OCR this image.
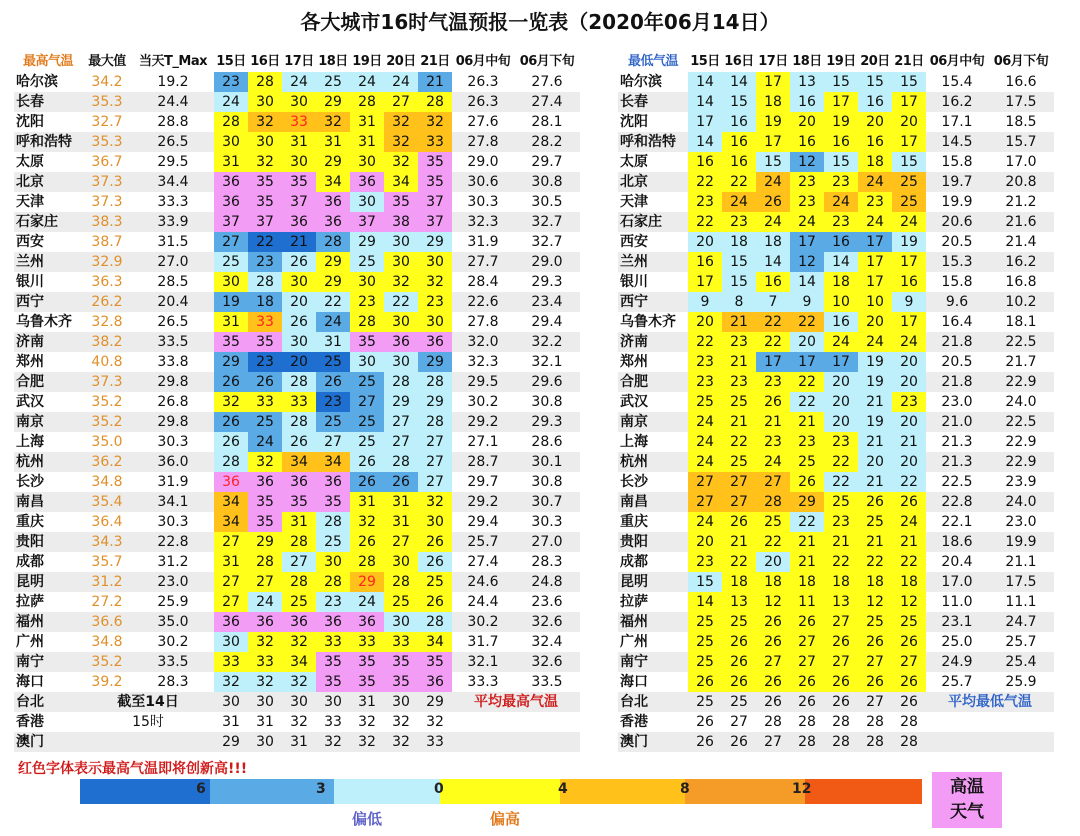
各大城市16时气温预报一览表（2020年06月14日）
最高气温	最大值	当天T_Max	15日	16日	17日	18日	19日	20日	21日	06月中旬	06月下旬
哈尔滨	34.2	19.2	23	28	24	25	24	24	21	26.3	27.6
长春	35.3	24.4	24	30	30	29	28	27	28	26.3	27.4
沈阳	32.7	28.8	28	32	33	32	31	32	32	27.6	28.1
呼和浩特	35.3	26.5	30	30	31	31	31	32	33	27.8	28.2
太原	36.7	29.5	31	32	30	29	30	32	35	29.0	29.7
北京	37.3	34.4	36	35	35	34	36	34	35	30.6	30.8
天津	37.3	33.3	36	35	37	36	30	35	37	30.3	30.5
石家庄	38.3	33.9	37	37	36	36	37	38	37	32.3	32.7
西安	38.7	31.5	27	22	21	28	29	30	29	31.9	32.7
兰州	32.9	27.0	25	23	26	29	25	30	30	27.7	29.0
银川	36.3	28.5	30	28	30	29	30	32	32	28.4	29.3
西宁	26.2	20.4	19	18	20	22	23	22	23	22.6	23.4
乌鲁木齐	32.8	26.5	31	33	26	24	28	30	30	27.8	29.4
济南	38.2	33.5	35	35	30	31	35	36	36	32.0	32.2
郑州	40.8	33.8	29	23	20	25	30	30	29	32.3	32.1
合肥	37.3	29.8	26	26	28	26	25	28	28	29.5	29.6
武汉	35.2	26.8	32	33	33	23	27	29	29	30.2	30.8
南京	35.2	29.8	26	25	28	25	25	27	28	29.2	29.3
上海	35.0	30.3	26	24	26	27	25	27	27	27.1	28.6
杭州	36.2	36.0	28	32	34	34	26	28	27	28.7	30.1
长沙	34.8	31.9	36	36	36	36	26	26	27	29.7	30.8
南昌	35.4	34.1	34	35	35	35	31	31	32	29.2	30.7
重庆	36.4	30.3	34	35	31	28	32	31	30	29.4	30.3
贵阳	34.3	22.8	27	29	28	25	26	27	26	25.7	27.0
成都	35.7	31.2	31	28	27	30	28	30	26	27.4	28.3
昆明	31.2	23.0	27	27	28	28	29	28	25	24.6	24.8
拉萨	27.2	25.9	27	24	25	23	24	25	26	24.4	23.6
福州	36.6	35.0	36	36	36	36	36	30	28	30.2	32.6
广州	34.8	30.2	30	32	32	33	33	33	34	31.7	32.4
南宁	35.2	33.5	33	33	34	35	35	35	35	32.1	32.6
海口	39.2	28.3	32	32	32	35	35	35	36	33.3	33.5
台北	截至14日		30	30	30	30	31	30	29	平均最高气温	
香港	15时		31	31	32	33	32	32	32		
澳门			29	30	31	32	32	32	33		
最低气温	15日	16日	17日	18日	19日	20日	21日	06月中旬	06月下旬
哈尔滨	14	14	17	13	15	15	15	15.4	16.6
长春	14	15	18	16	17	16	17	16.2	17.5
沈阳	17	16	19	20	19	20	20	17.1	18.5
呼和浩特	14	16	17	16	16	16	17	14.5	15.7
太原	16	16	15	12	15	18	15	15.8	17.0
北京	22	22	24	23	23	24	25	19.7	20.8
天津	23	24	26	23	24	23	25	19.9	21.2
石家庄	22	23	24	24	23	24	24	20.6	21.6
西安	20	18	18	17	16	17	19	20.5	21.4
兰州	16	15	14	12	14	17	17	15.3	16.2
银川	17	15	16	14	18	17	16	15.8	16.8
西宁	9	8	7	9	10	10	9	9.6	10.2
乌鲁木齐	20	21	22	22	16	20	17	16.4	18.1
济南	22	23	22	20	24	24	24	21.8	22.5
郑州	23	21	17	17	17	19	20	20.5	21.7
合肥	23	23	23	22	20	19	20	21.8	22.9
武汉	25	25	26	22	20	21	23	23.0	24.0
南京	24	21	21	21	20	19	20	21.0	22.5
上海	24	22	23	23	23	21	21	21.3	22.9
杭州	24	25	24	25	22	20	20	21.3	22.9
长沙	27	27	27	26	22	21	22	22.5	23.9
南昌	27	27	28	29	25	26	26	22.8	24.0
重庆	24	26	25	22	23	25	24	22.1	23.0
贵阳	20	21	22	21	21	21	21	18.6	19.9
成都	23	22	20	21	22	22	22	20.4	21.1
昆明	15	18	18	18	18	18	18	17.0	17.5
拉萨	14	13	12	11	13	12	12	11.0	11.1
福州	25	25	26	26	27	25	25	23.1	24.7
广州	25	26	26	27	26	26	26	25.0	25.7
南宁	25	26	27	27	27	27	27	24.9	25.4
海口	26	26	26	26	26	26	26	25.7	25.9
台北	25	25	26	26	26	27	26	平均最低气温	
香港	26	27	28	28	28	28	28		
澳门	26	26	27	28	28	28	28		
红色字体表示最高气温即将创新高!!!
6	3	0	4	8	12
偏低	偏高
高温
天气
